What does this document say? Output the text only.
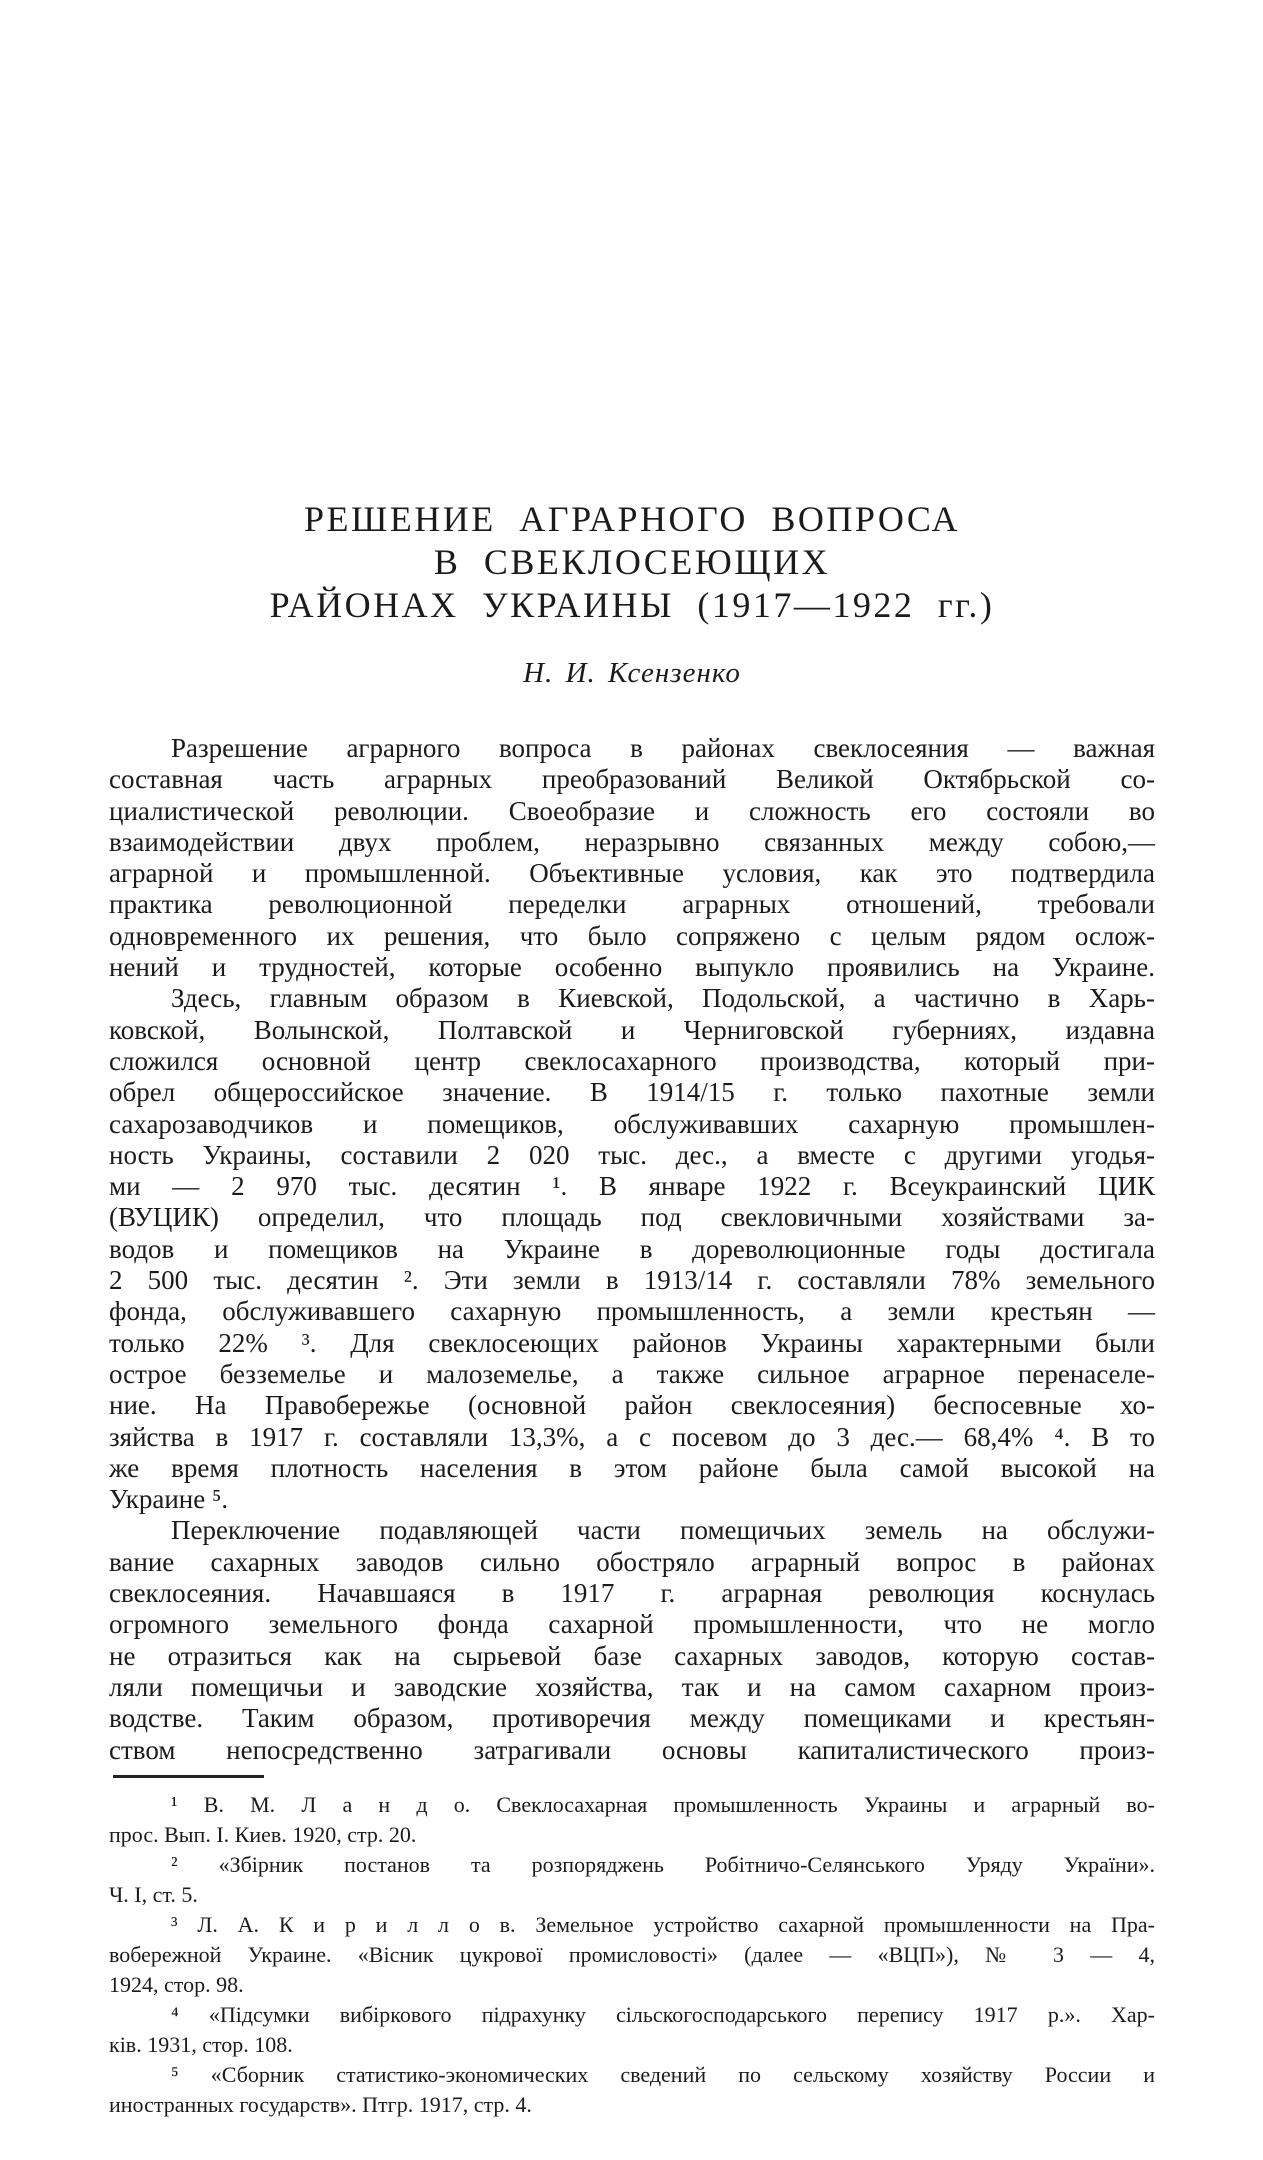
РЕШЕНИЕ АГРАРНОГО ВОПРОСА
В СВЕКЛОСЕЮЩИХ
РАЙОНАХ УКРАИНЫ (1917—1922 гг.)
Н. И. Ксензенко
Разрешение аграрного вопроса в районах свеклосеяния — важная
составная часть аграрных преобразований Великой Октябрьской со-
циалистической революции. Своеобразие и сложность его состояли во
взаимодействии двух проблем, неразрывно связанных между собою,—
аграрной и промышленной. Объективные условия, как это подтвердила
практика революционной переделки аграрных отношений, требовали
одновременного их решения, что было сопряжено с целым рядом ослож-
нений и трудностей, которые особенно выпукло проявились на Украине.
Здесь, главным образом в Киевской, Подольской, а частично в Харь-
ковской, Волынской, Полтавской и Черниговской губерниях, издавна
сложился основной центр свеклосахарного производства, который при-
обрел общероссийское значение. В 1914/15 г. только пахотные земли
сахарозаводчиков и помещиков, обслуживавших сахарную промышлен-
ность Украины, составили 2 020 тыс. дес., а вместе с другими угодья-
ми — 2 970 тыс. десятин ¹. В январе 1922 г. Всеукраинский ЦИК
(ВУЦИК) определил, что площадь под свекловичными хозяйствами за-
водов и помещиков на Украине в дореволюционные годы достигала
2 500 тыс. десятин ². Эти земли в 1913/14 г. составляли 78% земельного
фонда, обслуживавшего сахарную промышленность, а земли крестьян —
только 22% ³. Для свеклосеющих районов Украины характерными были
острое безземелье и малоземелье, а также сильное аграрное перенаселе-
ние. На Правобережье (основной район свеклосеяния) беспосевные хо-
зяйства в 1917 г. составляли 13,3%, а с посевом до 3 дес.— 68,4% ⁴. В то
же время плотность населения в этом районе была самой высокой на
Украине ⁵.
Переключение подавляющей части помещичьих земель на обслужи-
вание сахарных заводов сильно обостряло аграрный вопрос в районах
свеклосеяния. Начавшаяся в 1917 г. аграрная революция коснулась
огромного земельного фонда сахарной промышленности, что не могло
не отразиться как на сырьевой базе сахарных заводов, которую состав-
ляли помещичьи и заводские хозяйства, так и на самом сахарном произ-
водстве. Таким образом, противоречия между помещиками и крестьян-
ством непосредственно затрагивали основы капиталистического произ-
¹ В. М. Л а н д о. Свеклосахарная промышленность Украины и аграрный во-
прос. Вып. I. Киев. 1920, стр. 20.
² «Збірник постанов та розпоряджень Робітничо-Селянського Уряду України».
Ч. I, ст. 5.
³ Л. А. К и р и л л о в. Земельное устройство сахарной промышленности на Пра-
вобережной Украине. «Вісник цукрової промисловості» (далее — «ВЦП»), № 3 — 4,
1924, стор. 98.
⁴ «Підсумки вибіркового підрахунку сільскогосподарського перепису 1917 р.». Хар-
ків. 1931, стор. 108.
⁵ «Сборник статистико-экономических сведений по сельскому хозяйству России и
иностранных государств». Птгр. 1917, стр. 4.
